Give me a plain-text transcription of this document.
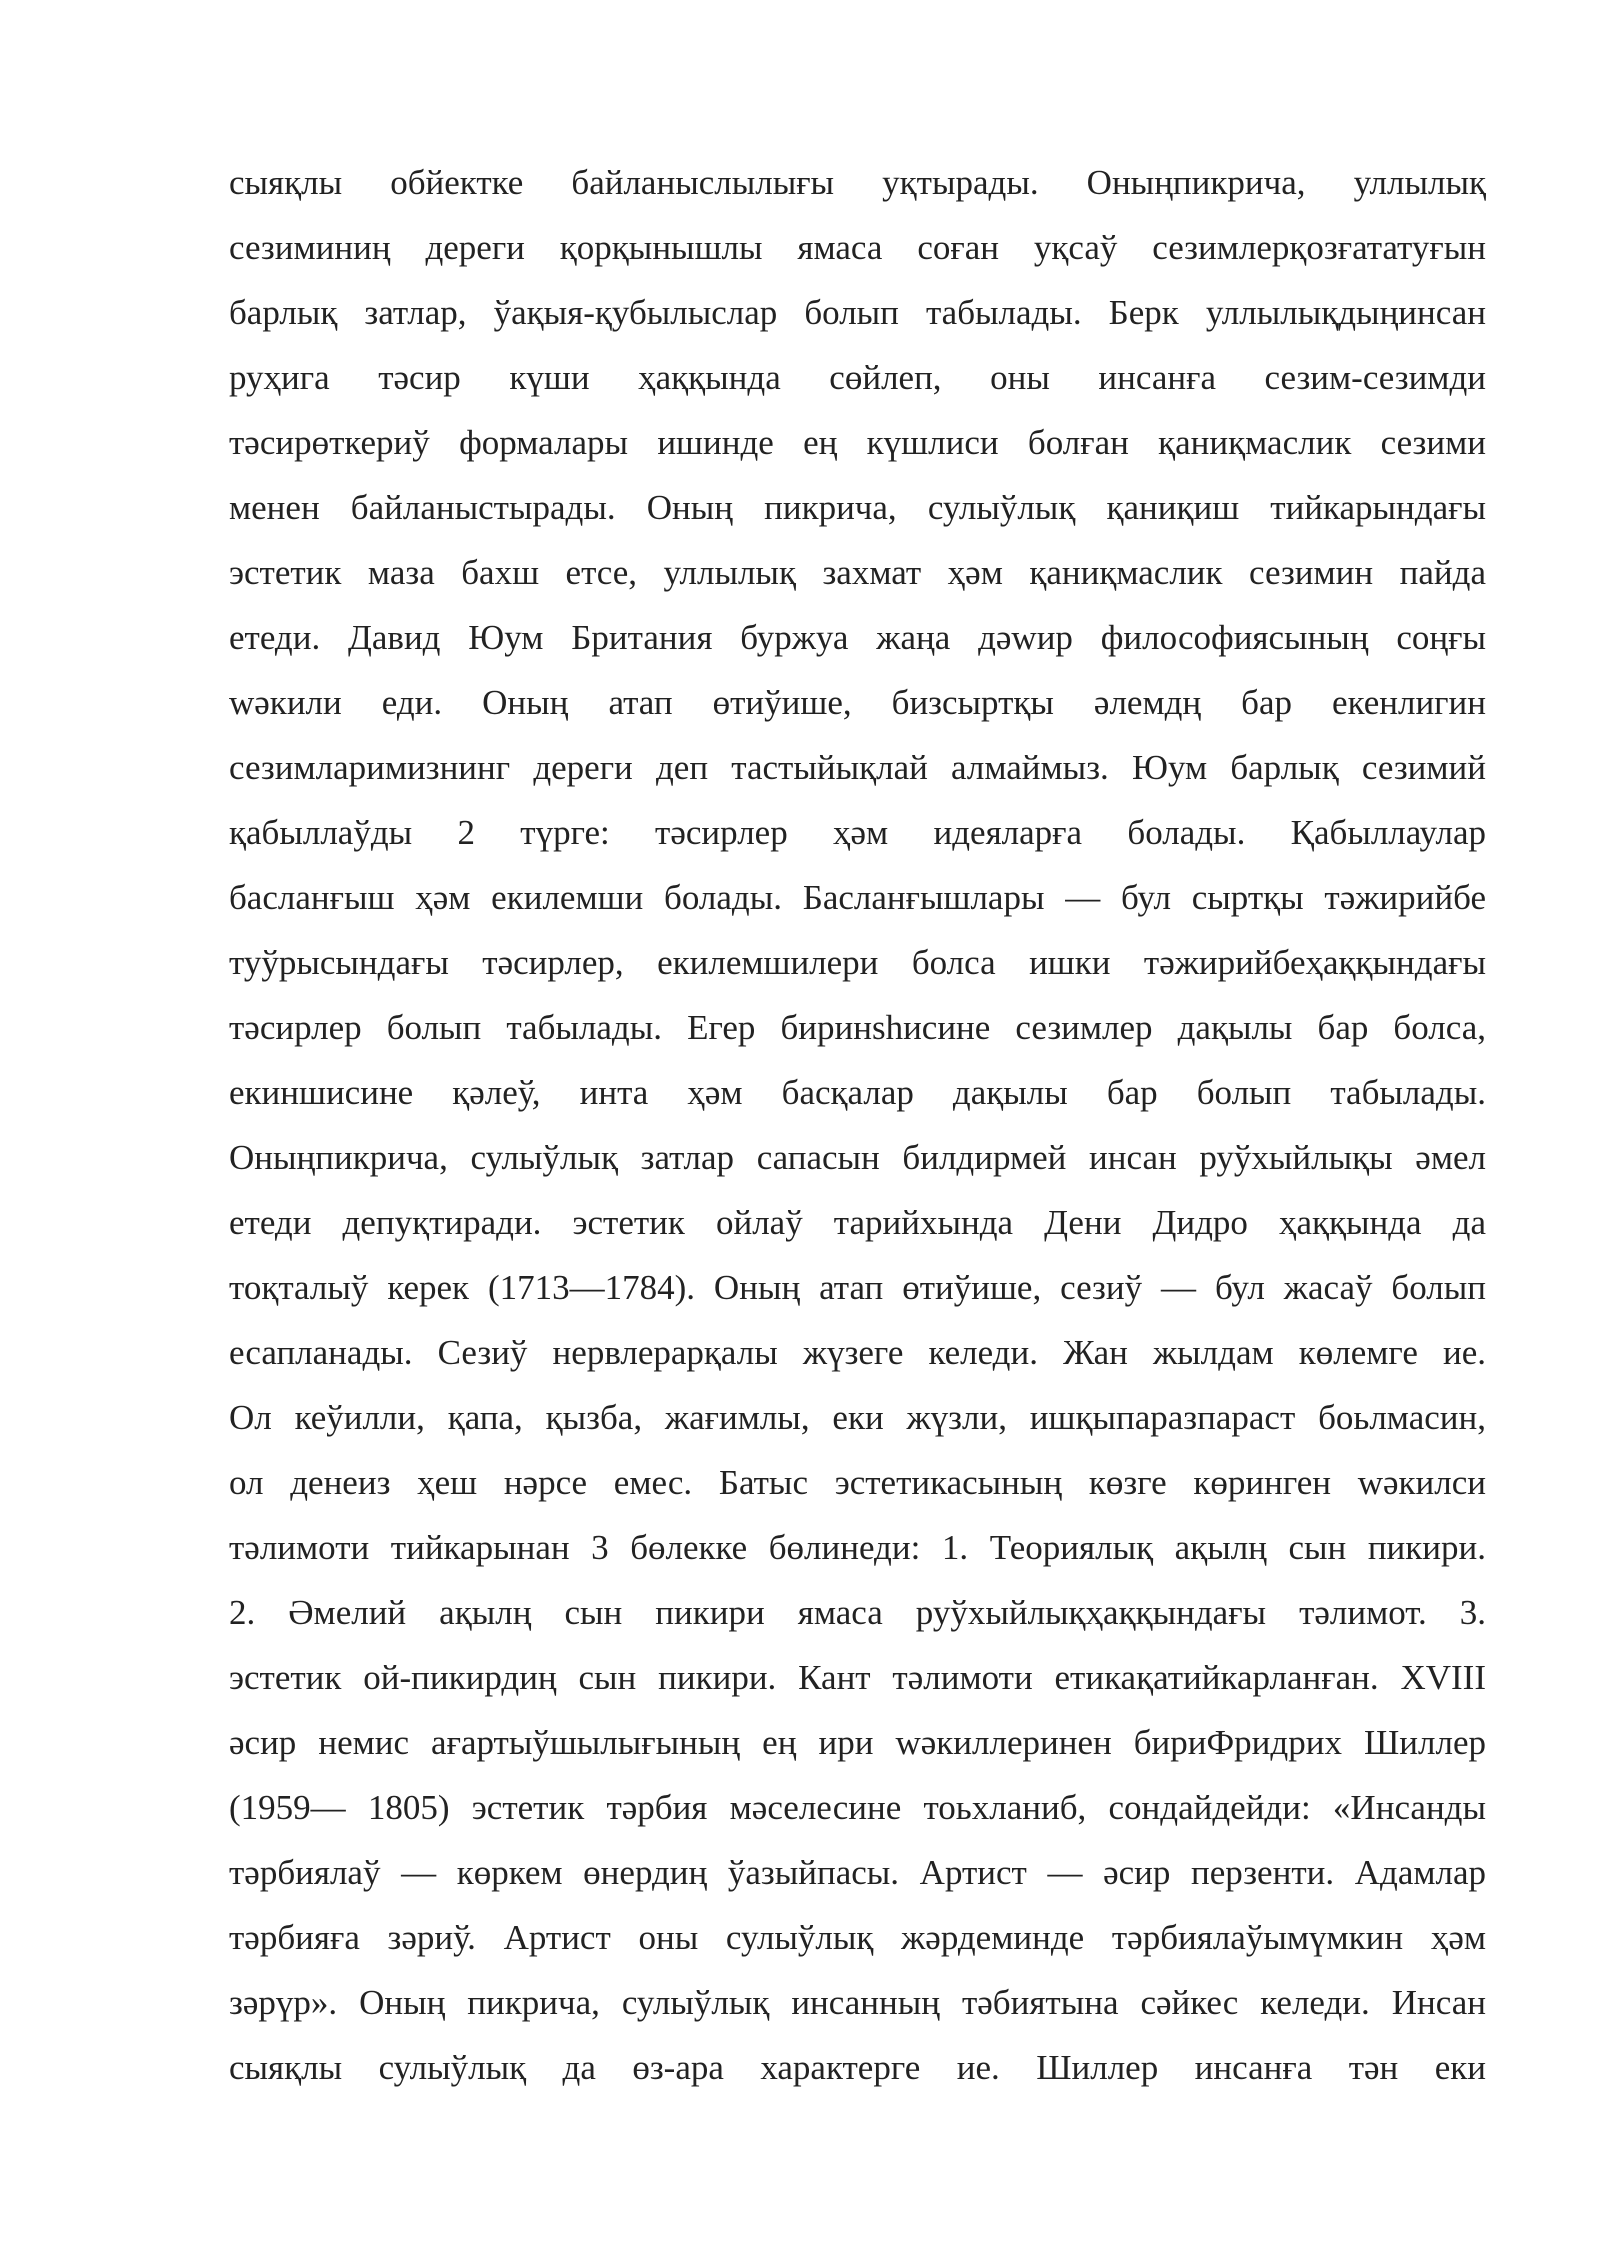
сыяқлы обйектке байланыслылығы уқтырады. Оныңпикрича, уллылық
сезиминиң дереги қорқынышлы ямаса соған уқсаў сезимлерқозғататуғын
барлық затлар, ўақыя-қубылыслар болып табылады. Берк уллылықдыңинсан
руҳига тәсир күши ҳаққында сөйлеп, оны инсанға сезим-сезимди
тәсирөткериў формалары ишинде ең күшлиси болған қаниқмаслик сезими
менен байланыстырады. Оның пикрича, сулыўлық қаниқиш тийкарындағы
эстетик маза бахш етсе, уллылық захмат ҳәм қаниқмаслик сезимин пайда
етеди. Давид Юум Британия буржуа жаңа дәwир философиясының соңғы
wәкили еди. Оның атап өтиўише, бизсыртқы әлемдң бар екенлигин
сезимларимизнинг дереги деп тастыйықлай алмаймыз. Юум барлық сезимий
қабыллаўды 2 түрге: тәсирлер ҳәм идеяларға болады. Қабыллаулар
басланғыш ҳәм екилемши болады. Басланғышлары — бул сыртқы тәжирийбе
туўрысындағы тәсирлер, екилемшилери болса ишки тәжирийбеҳаққындағы
тәсирлер болып табылады. Егер биринshисине сезимлер дақылы бар болса,
екиншисине қәлеў, инта ҳәм басқалар дақылы бар болып табылады.
Оныңпикрича, сулыўлық затлар сапасын билдирмей инсан руўхыйлықы әмел
етеди депуқтиради. эстетик ойлаў тарийхында Дени Дидро ҳаққында да
тоқталыў керек (1713—1784). Оның атап өтиўише, сезиў — бул жасаў болып
есапланады. Сезиў нервлерарқалы жүзеге келеди. Жан жылдам көлемге ие.
Ол кеўилли, қапа, қызба, жағимлы, еки жүзли, ишқыпаразпараст боьлмасин,
ол денеиз ҳеш нәрсе емес. Батыс эстетикасының көзге көринген wәкилси
тәлимоти тийкарынан 3 бөлекке бөлинеди: 1. Теориялық ақылң сын пикири.
2. Әмелий ақылң сын пикири ямаса руўхыйлықҳаққындағы тәлимот. 3.
эстетик ой-пикирдиң сын пикири. Кант тәлимоти етикақатийкарланған. XVIII
әсир немис ағартыўшылығының ең ири wәкиллеринен бириФридрих Шиллер
(1959— 1805) эстетик тәрбия мәселесине тоьхланиб, сондайдейди: «Инсанды
тәрбиялаў — көркем өнердиң ўазыйпасы. Артист — әсир перзенти. Адамлар
тәрбияға зәриў. Артист оны сулыўлық жәрдеминде тәрбиялаўымүмкин ҳәм
зәрүр». Оның пикрича, сулыўлық инсанның тәбиятына сәйкес келеди. Инсан
сыяқлы сулыўлық да өз-ара характерге ие. Шиллер инсанға тән еки
